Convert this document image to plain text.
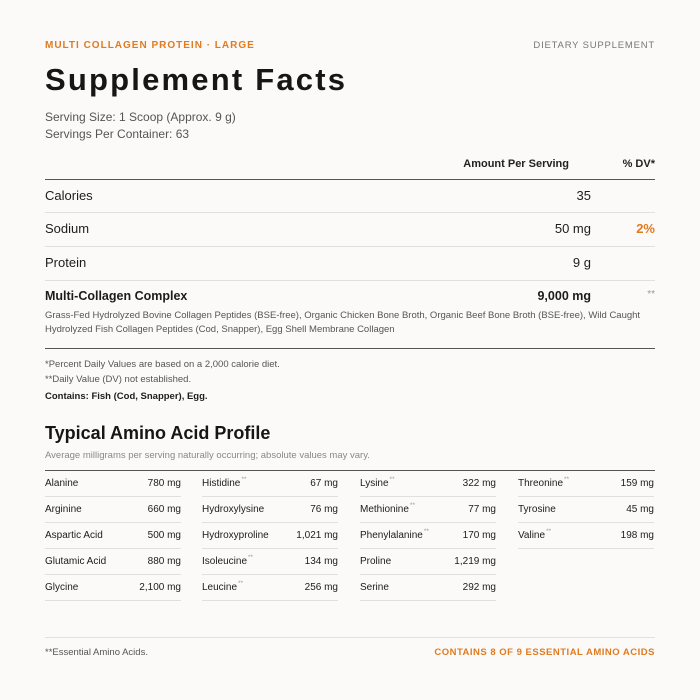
MULTI COLLAGEN PROTEIN · LARGE	DIETARY SUPPLEMENT
Supplement Facts
Serving Size: 1 Scoop (Approx. 9 g)
Servings Per Container: 63
Amount Per Serving	% DV*
Calories	35
Sodium	50 mg	2%
Protein	9 g
Multi-Collagen Complex	9,000 mg	**
Grass-Fed Hydrolyzed Bovine Collagen Peptides (BSE-free), Organic Chicken Bone Broth, Organic Beef Bone Broth (BSE-free), Wild Caught Hydrolyzed Fish Collagen Peptides (Cod, Snapper), Egg Shell Membrane Collagen
*Percent Daily Values are based on a 2,000 calorie diet.
**Daily Value (DV) not established.
Contains: Fish (Cod, Snapper), Egg.
Typical Amino Acid Profile
Average milligrams per serving naturally occurring; absolute values may vary.
Alanine	780 mg
Arginine	660 mg
Aspartic Acid	500 mg
Glutamic Acid	880 mg
Glycine	2,100 mg
Histidine**	67 mg
Hydroxylysine	76 mg
Hydroxyproline	1,021 mg
Isoleucine**	134 mg
Leucine**	256 mg
Lysine**	322 mg
Methionine**	77 mg
Phenylalanine**	170 mg
Proline	1,219 mg
Serine	292 mg
Threonine**	159 mg
Tyrosine	45 mg
Valine**	198 mg
**Essential Amino Acids.	CONTAINS 8 OF 9 ESSENTIAL AMINO ACIDS
